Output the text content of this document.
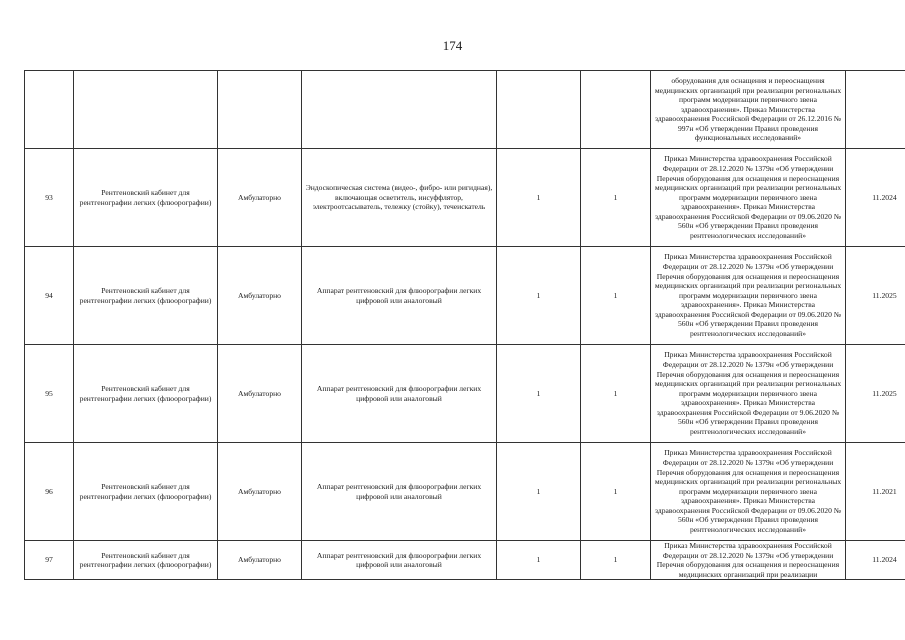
174
						оборудования для оснащения и переоснащения медицинских организаций при реализации региональных программ модернизации первичного звена здравоохранения». Приказ Министерства здравоохранения Российской Федерации от 26.12.2016 № 997н «Об утверждении Правил проведения функциональных исследований»	
93	Рентгеновский кабинет для рентгенографии легких (флюорографии)	Амбулаторно	Эндоскопическая система (видео-, фибро- или ригидная), включающая осветитель, инсуффлятор, электроотсасыватель, тележку (стойку), течеискатель	1	1	Приказ Министерства здравоохранения Российской Федерации от 28.12.2020 № 1379н «Об утверждении Перечня оборудования для оснащения и переоснащения медицинских организаций при реализации региональных программ модернизации первичного звена здравоохранения». Приказ Министерства здравоохранения Российской Федерации от 09.06.2020 № 560н «Об утверждении Правил проведения рентгенологических исследований»	11.2024
94	Рентгеновский кабинет для рентгенографии легких (флюорографии)	Амбулаторно	Аппарат рентгеновский для флюорографии легких цифровой или аналоговый	1	1	Приказ Министерства здравоохранения Российской Федерации от 28.12.2020 № 1379н «Об утверждении Перечня оборудования для оснащения и переоснащения медицинских организаций при реализации региональных программ модернизации первичного звена здравоохранения». Приказ Министерства здравоохранения Российской Федерации от 09.06.2020 № 560н «Об утверждении Правил проведения рентгенологических исследований»	11.2025
95	Рентгеновский кабинет для рентгенографии легких (флюорографии)	Амбулаторно	Аппарат рентгеновский для флюорографии легких цифровой или аналоговый	1	1	Приказ Министерства здравоохранения Российской Федерации от 28.12.2020 № 1379н «Об утверждении Перечня оборудования для оснащения и переоснащения медицинских организаций при реализации региональных программ модернизации первичного звена здравоохранения». Приказ Министерства здравоохранения Российской Федерации от 9.06.2020 № 560н «Об утверждении Правил проведения рентгенологических исследований»	11.2025
96	Рентгеновский кабинет для рентгенографии легких (флюорографии)	Амбулаторно	Аппарат рентгеновский для флюорографии легких цифровой или аналоговый	1	1	Приказ Министерства здравоохранения Российской Федерации от 28.12.2020 № 1379н «Об утверждении Перечня оборудования для оснащения и переоснащения медицинских организаций при реализации региональных программ модернизации первичного звена здравоохранения». Приказ Министерства здравоохранения Российской Федерации от 09.06.2020 № 560н «Об утверждении Правил проведения рентгенологических исследований»	11.2021
97	Рентгеновский кабинет для рентгенографии легких (флюорографии)	Амбулаторно	Аппарат рентгеновский для флюорографии легких цифровой или аналоговый	1	1	Приказ Министерства здравоохранения Российской Федерации от 28.12.2020 № 1379н «Об утверждении Перечня оборудования для оснащения и переоснащения медицинских организаций при реализации	11.2024
